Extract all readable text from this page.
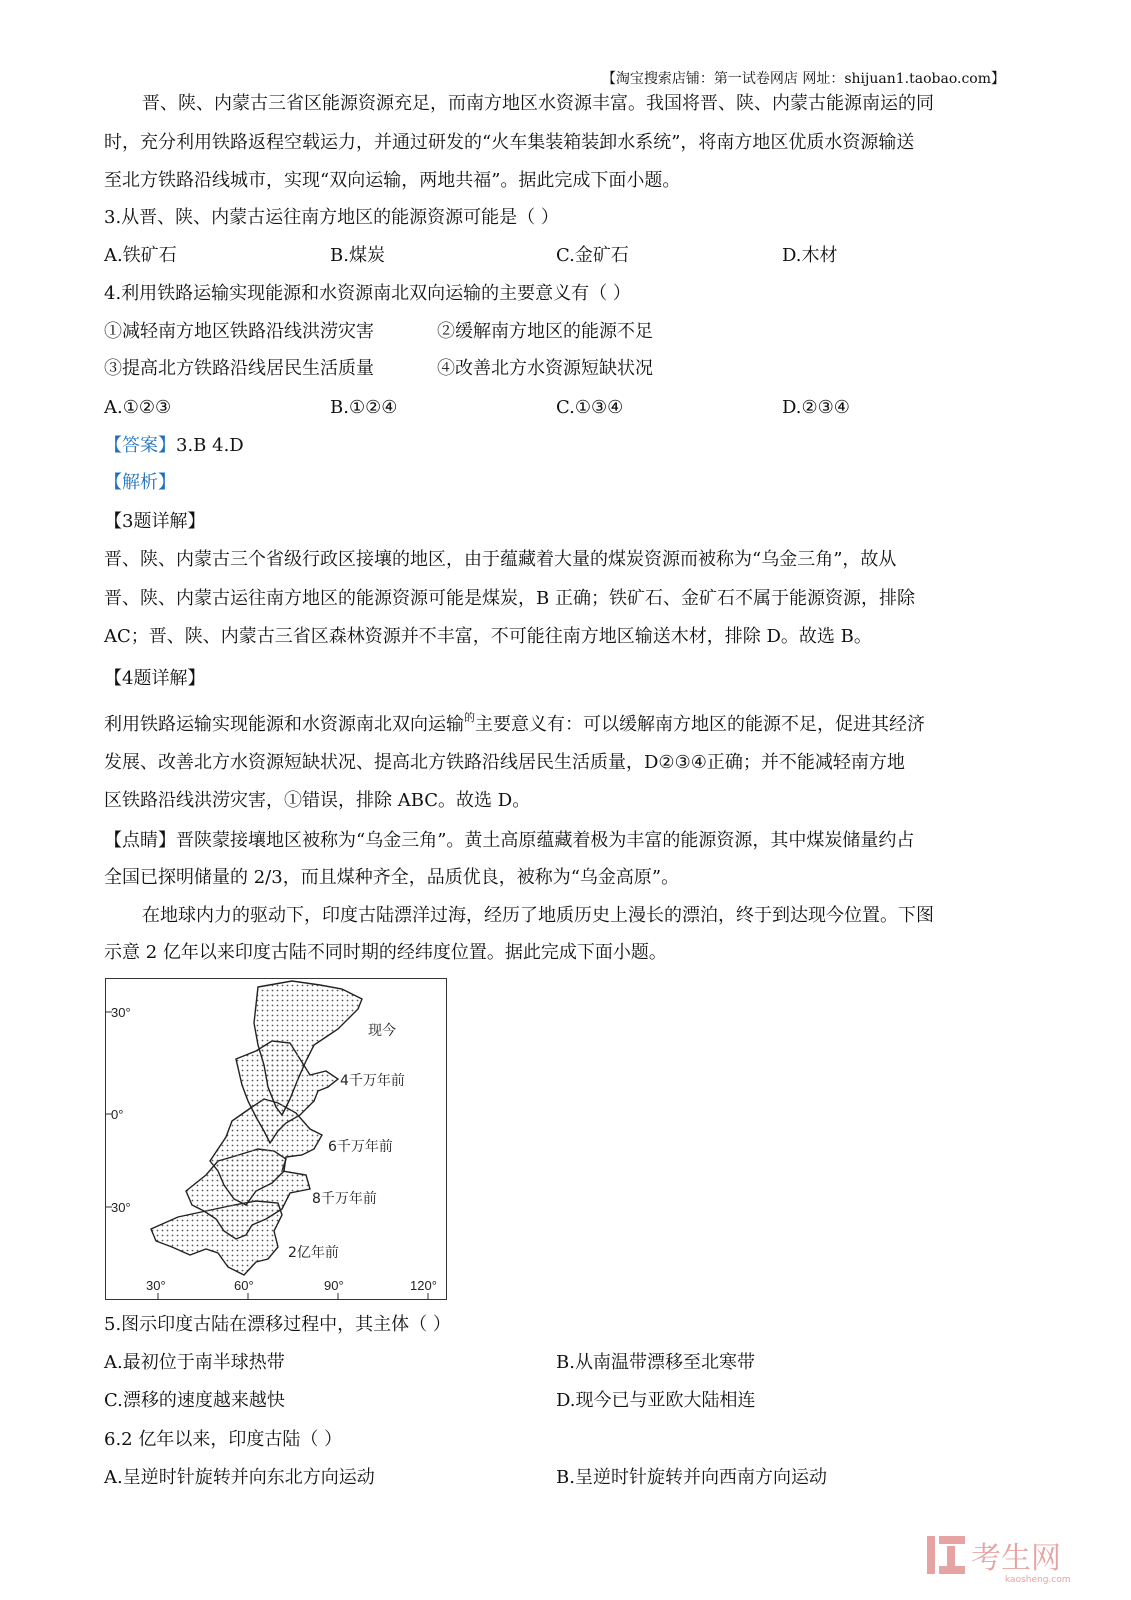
【淘宝搜索店铺：第一试卷网店 网址：shijuan1.taobao.com】
晋、陕、内蒙古三省区能源资源充足，而南方地区水资源丰富。我国将晋、陕、内蒙古能源南运的同
时，充分利用铁路返程空载运力，并通过研发的“火车集装箱装卸水系统”，将南方地区优质水资源输送
至北方铁路沿线城市，实现“双向运输，两地共福”。据此完成下面小题。
3.从晋、陕、内蒙古运往南方地区的能源资源可能是（ ）
A.铁矿石	B.煤炭	C.金矿石	D.木材
4.利用铁路运输实现能源和水资源南北双向运输的主要意义有（ ）
①减轻南方地区铁路沿线洪涝灾害	②缓解南方地区的能源不足
③提高北方铁路沿线居民生活质量	④改善北方水资源短缺状况
A.①②③	B.①②④	C.①③④	D.②③④
【答案】3.B 4.D
【解析】
【3题详解】
晋、陕、内蒙古三个省级行政区接壤的地区，由于蕴藏着大量的煤炭资源而被称为“乌金三角”，故从
晋、陕、内蒙古运往南方地区的能源资源可能是煤炭，B 正确；铁矿石、金矿石不属于能源资源，排除
AC；晋、陕、内蒙古三省区森林资源并不丰富，不可能往南方地区输送木材，排除 D。故选 B。
【4题详解】
利用铁路运输实现能源和水资源南北双向运输$^的$主要意义有：可以缓解南方地区的能源不足，促进其经济
发展、改善北方水资源短缺状况、提高北方铁路沿线居民生活质量，D②③④正确；并不能减轻南方地
区铁路沿线洪涝灾害，①错误，排除 ABC。故选 D。
【点睛】晋陕蒙接壤地区被称为“乌金三角”。黄土高原蕴藏着极为丰富的能源资源，其中煤炭储量约占
全国已探明储量的 2/3，而且煤种齐全，品质优良，被称为“乌金高原”。
在地球内力的驱动下，印度古陆漂洋过海，经历了地质历史上漫长的漂泊，终于到达现今位置。下图
示意 2 亿年以来印度古陆不同时期的经纬度位置。据此完成下面小题。
30°
0°
30°
30°	60°	90°	120°
现今
4千万年前
6千万年前
8千万年前
2亿年前
5.图示印度古陆在漂移过程中，其主体（ ）
A.最初位于南半球热带	B.从南温带漂移至北寒带
C.漂移的速度越来越快	D.现今已与亚欧大陆相连
6.2 亿年以来，印度古陆（ ）
A.呈逆时针旋转并向东北方向运动	B.呈逆时针旋转并向西南方向运动
考生网
kaosheng.com
